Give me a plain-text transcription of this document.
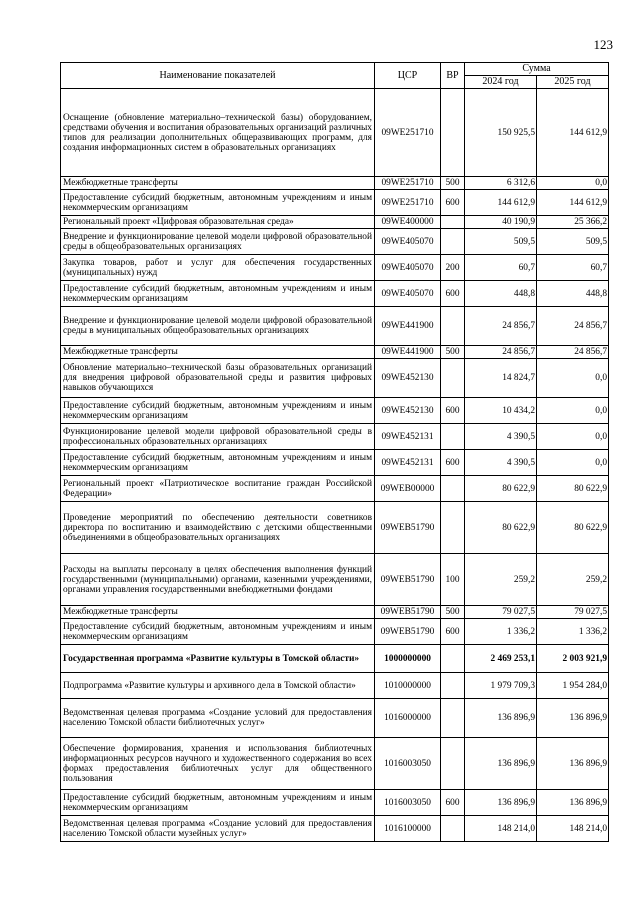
123
Наименование показателей	ЦСР	ВР	Сумма	
			2024 год	2025 год
Оснащение (обновление материально–технической базы) оборудованием, средствами обучения и воспитания образовательных организаций различных типов для реализации дополнительных общеразвивающих программ, для создания информационных систем в образовательных организациях	09WE251710		150 925,5	144 612,9
Межбюджетные трансферты	09WE251710	500	6 312,6	0,0
Предоставление субсидий бюджетным, автономным учреждениям и иным некоммерческим организациям	09WE251710	600	144 612,9	144 612,9
Региональный проект «Цифровая образовательная среда»	09WE400000		40 190,9	25 366,2
Внедрение и функционирование целевой модели цифровой образовательной среды в общеобразовательных организациях	09WE405070		509,5	509,5
Закупка товаров, работ и услуг для обеспечения государственных (муниципальных) нужд	09WE405070	200	60,7	60,7
Предоставление субсидий бюджетным, автономным учреждениям и иным некоммерческим организациям	09WE405070	600	448,8	448,8
Внедрение и функционирование целевой модели цифровой образовательной среды в муниципальных общеобразовательных организациях	09WE441900		24 856,7	24 856,7
Межбюджетные трансферты	09WE441900	500	24 856,7	24 856,7
Обновление материально–технической базы образовательных организаций для внедрения цифровой образовательной среды и развития цифровых навыков обучающихся	09WE452130		14 824,7	0,0
Предоставление субсидий бюджетным, автономным учреждениям и иным некоммерческим организациям	09WE452130	600	10 434,2	0,0
Функционирование целевой модели цифровой образовательной среды в профессиональных образовательных организациях	09WE452131		4 390,5	0,0
Предоставление субсидий бюджетным, автономным учреждениям и иным некоммерческим организациям	09WE452131	600	4 390,5	0,0
Региональный проект «Патриотическое воспитание граждан Российской Федерации»	09WEB00000		80 622,9	80 622,9
Проведение мероприятий по обеспечению деятельности советников директора по воспитанию и взаимодействию с детскими общественными объединениями в общеобразовательных организациях	09WEB51790		80 622,9	80 622,9
Расходы на выплаты персоналу в целях обеспечения выполнения функций государственными (муниципальными) органами, казенными учреждениями, органами управления государственными внебюджетными фондами	09WEB51790	100	259,2	259,2
Межбюджетные трансферты	09WEB51790	500	79 027,5	79 027,5
Предоставление субсидий бюджетным, автономным учреждениям и иным некоммерческим организациям	09WEB51790	600	1 336,2	1 336,2
Государственная программа «Развитие культуры в Томской области»	1000000000		2 469 253,1	2 003 921,9
Подпрограмма «Развитие культуры и архивного дела в Томской области»	1010000000		1 979 709,3	1 954 284,0
Ведомственная целевая программа «Создание условий для предоставления населению Томской области библиотечных услуг»	1016000000		136 896,9	136 896,9
Обеспечение формирования, хранения и использования библиотечных информационных ресурсов научного и художественного содержания во всех формах предоставления библиотечных услуг для общественного пользования	1016003050		136 896,9	136 896,9
Предоставление субсидий бюджетным, автономным учреждениям и иным некоммерческим организациям	1016003050	600	136 896,9	136 896,9
Ведомственная целевая программа «Создание условий для предоставления населению Томской области музейных услуг»	1016100000		148 214,0	148 214,0
